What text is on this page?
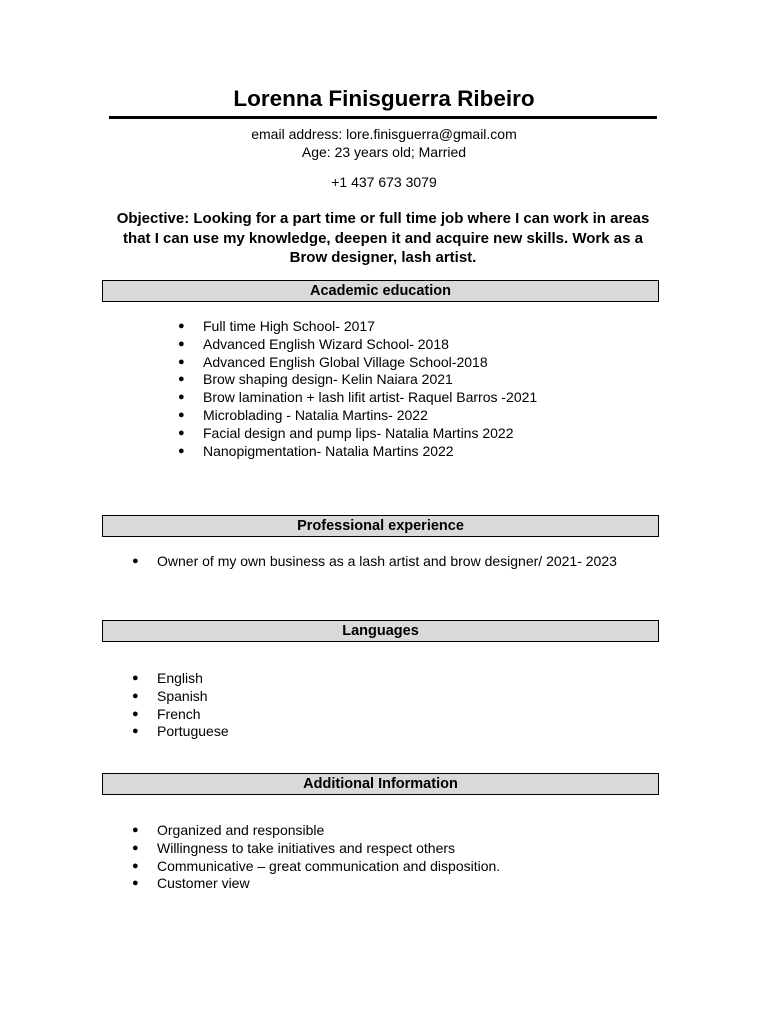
Lorenna Finisguerra Ribeiro
email address: lore.finisguerra@gmail.com
Age: 23 years old; Married
+1 437 673 3079
Objective: Looking for a part time or full time job where I can work in areas that I can use my knowledge, deepen it and acquire new skills. Work as a Brow designer, lash artist.
Academic education
● Full time High School- 2017
● Advanced English Wizard School- 2018
● Advanced English Global Village School-2018
● Brow shaping design- Kelin Naiara 2021
● Brow lamination + lash lifit artist- Raquel Barros -2021
● Microblading - Natalia Martins- 2022
● Facial design and pump lips- Natalia Martins 2022
● Nanopigmentation- Natalia Martins 2022
Professional experience
● Owner of my own business as a lash artist and brow designer/ 2021- 2023
Languages
● English
● Spanish
● French
● Portuguese
Additional Information
● Organized and responsible
● Willingness to take initiatives and respect others
● Communicative – great communication and disposition.
● Customer view
